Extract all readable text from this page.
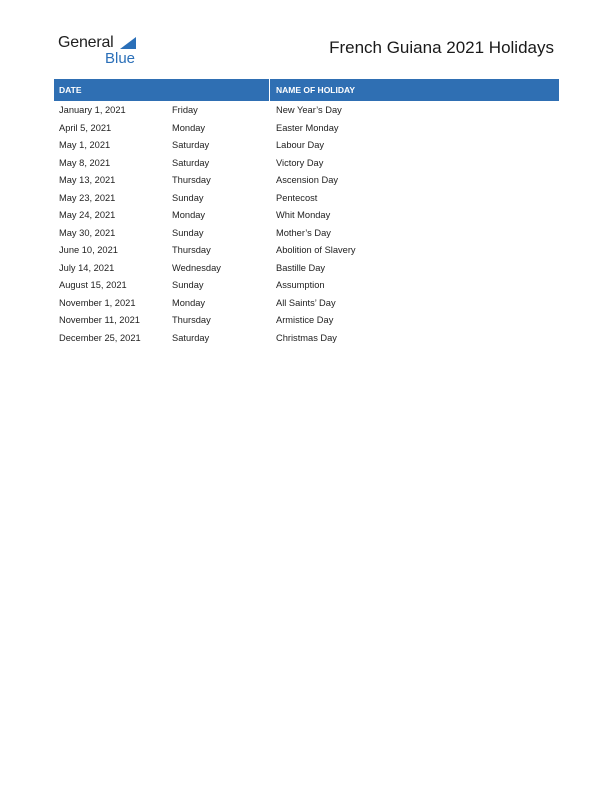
General
Blue
French Guiana 2021 Holidays
DATE	NAME OF HOLIDAY
January 1, 2021	Friday	New Year’s Day
April 5, 2021	Monday	Easter Monday
May 1, 2021	Saturday	Labour Day
May 8, 2021	Saturday	Victory Day
May 13, 2021	Thursday	Ascension Day
May 23, 2021	Sunday	Pentecost
May 24, 2021	Monday	Whit Monday
May 30, 2021	Sunday	Mother’s Day
June 10, 2021	Thursday	Abolition of Slavery
July 14, 2021	Wednesday	Bastille Day
August 15, 2021	Sunday	Assumption
November 1, 2021	Monday	All Saints’ Day
November 11, 2021	Thursday	Armistice Day
December 25, 2021	Saturday	Christmas Day
